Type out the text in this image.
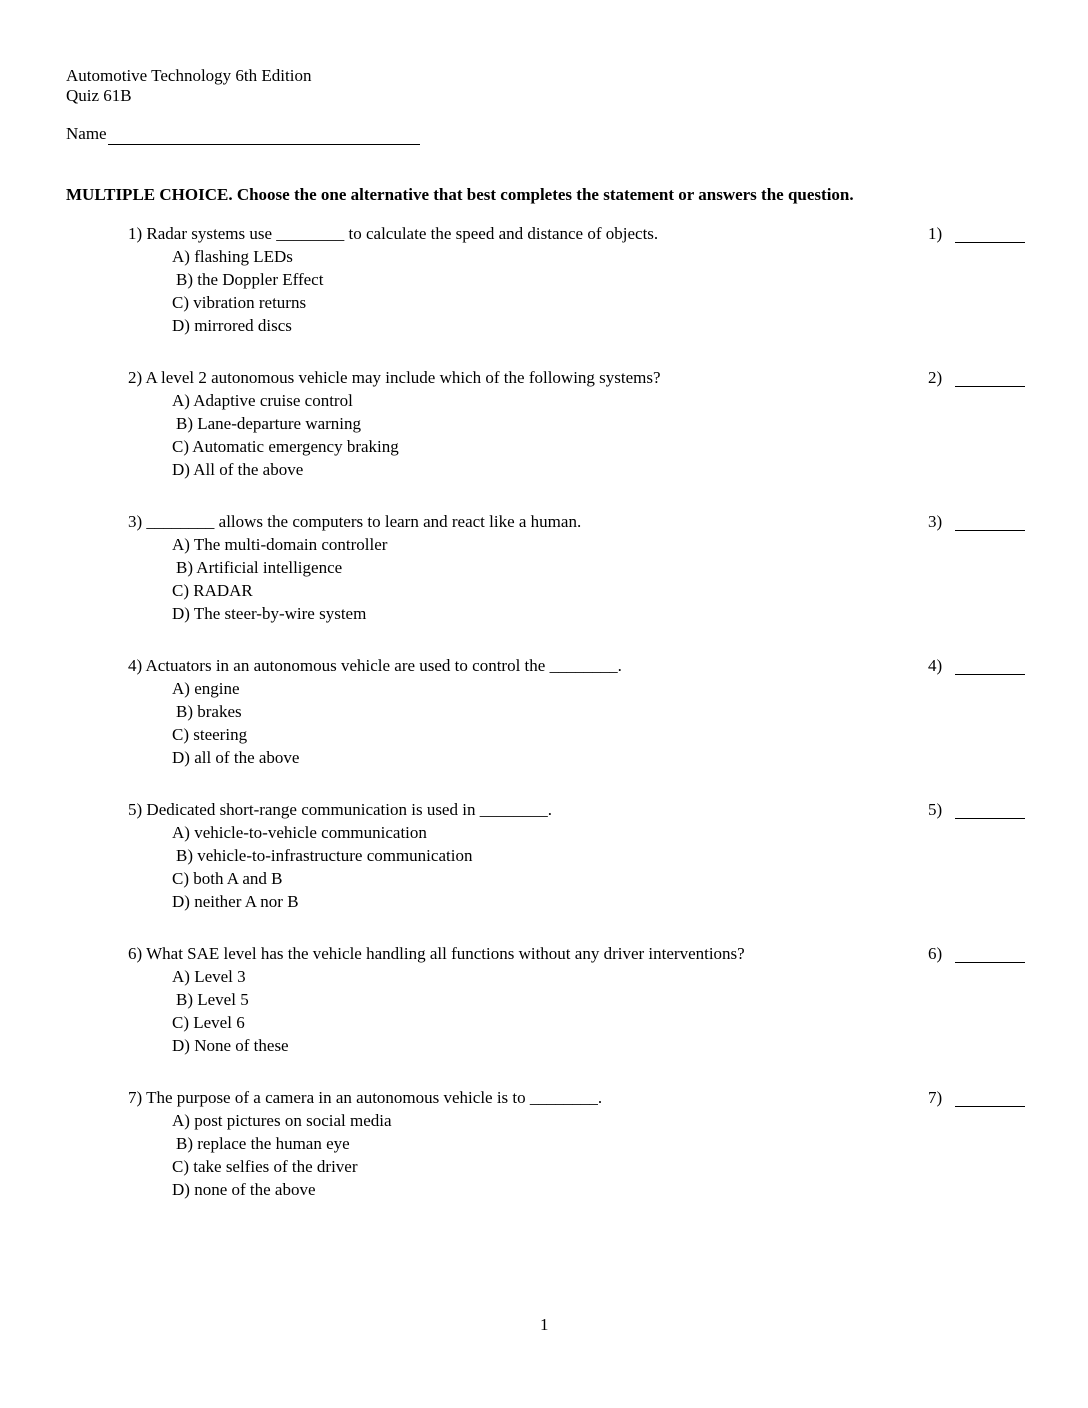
Automotive Technology 6th Edition
Quiz 61B
Name
MULTIPLE CHOICE. Choose the one alternative that best completes the statement or answers the question.
1) Radar systems use ________ to calculate the speed and distance of objects.	1)
A) flashing LEDs
B) the Doppler Effect
C) vibration returns
D) mirrored discs
2) A level 2 autonomous vehicle may include which of the following systems?	2)
A) Adaptive cruise control
B) Lane-departure warning
C) Automatic emergency braking
D) All of the above
3) ________ allows the computers to learn and react like a human.	3)
A) The multi-domain controller
B) Artificial intelligence
C) RADAR
D) The steer-by-wire system
4) Actuators in an autonomous vehicle are used to control the ________.	4)
A) engine
B) brakes
C) steering
D) all of the above
5) Dedicated short-range communication is used in ________.	5)
A) vehicle-to-vehicle communication
B) vehicle-to-infrastructure communication
C) both A and B
D) neither A nor B
6) What SAE level has the vehicle handling all functions without any driver interventions?	6)
A) Level 3
B) Level 5
C) Level 6
D) None of these
7) The purpose of a camera in an autonomous vehicle is to ________.	7)
A) post pictures on social media
B) replace the human eye
C) take selfies of the driver
D) none of the above
1
